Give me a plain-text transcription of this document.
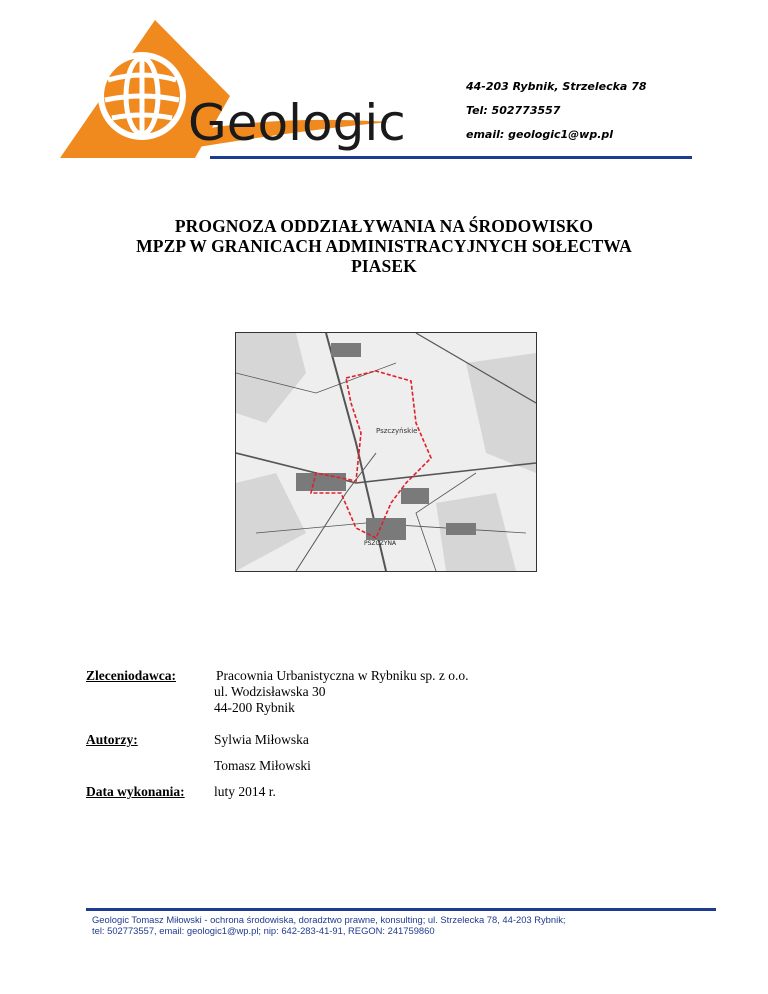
Geologic
44-203 Rybnik, Strzelecka 78
Tel: 502773557
email: geologic1@wp.pl
PROGNOZA ODDZIAŁYWANIA NA ŚRODOWISKO
MPZP W GRANICACH ADMINISTRACYJNYCH SOŁECTWA
PIASEK
Pszczyńskie
PSZCZYNA
Zleceniodawca:	Pracownia Urbanistyczna w Rybniku sp. z o.o.
ul. Wodzisławska 30
44-200 Rybnik
Autorzy:	Sylwia Miłowska
Tomasz Miłowski
Data wykonania: luty 2014 r.
Geologic Tomasz Miłowski - ochrona środowiska, doradztwo prawne, konsulting; ul. Strzelecka 78, 44-203 Rybnik;
tel: 502773557, email: geologic1@wp.pl; nip: 642-283-41-91, REGON: 241759860
